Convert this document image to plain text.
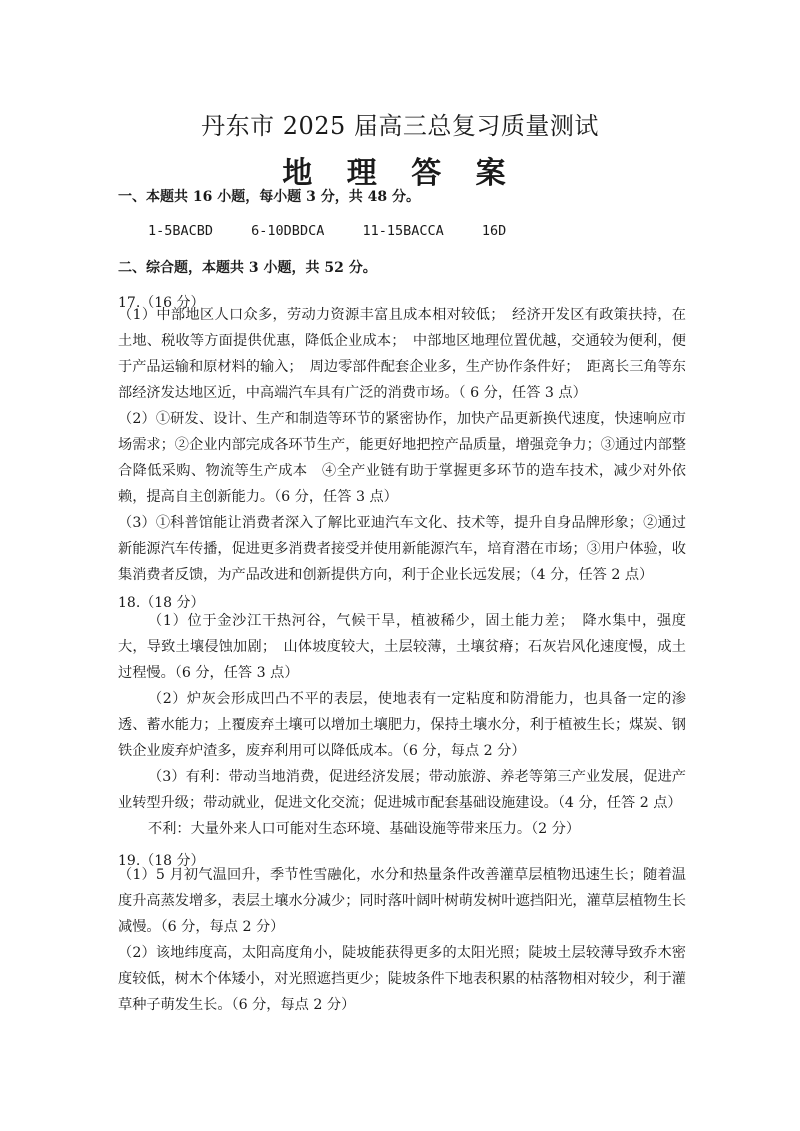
丹东市 2025 届高三总复习质量测试
地 理 答 案
一、本题共 16 小题，每小题 3 分，共 48 分。
1-5BACBD	6-10DBDCA	11-15BACCA	16D
二、综合题，本题共 3 小题，共 52 分。
17.（16 分）
（1）中部地区人口众多，劳动力资源丰富且成本相对较低；　经济开发区有政策扶持，在土地、税收等方面提供优惠，降低企业成本；　中部地区地理位置优越，交通较为便利，便于产品运输和原材料的输入；　周边零部件配套企业多，生产协作条件好；　距离长三角等东部经济发达地区近，中高端汽车具有广泛的消费市场。（ 6 分，任答 3 点）
（2）①研发、设计、生产和制造等环节的紧密协作，加快产品更新换代速度，快速响应市场需求；②企业内部完成各环节生产，能更好地把控产品质量，增强竞争力；③通过内部整合降低采购、物流等生产成本　④全产业链有助于掌握更多环节的造车技术，减少对外依赖，提高自主创新能力。（6 分，任答 3 点）
（3）①科普馆能让消费者深入了解比亚迪汽车文化、技术等，提升自身品牌形象；②通过新能源汽车传播，促进更多消费者接受并使用新能源汽车，培育潜在市场；③用户体验，收集消费者反馈，为产品改进和创新提供方向，利于企业长远发展；（4 分，任答 2 点）
18.（18 分）
（1）位于金沙江干热河谷，气候干旱，植被稀少，固土能力差；　降水集中，强度大，导致土壤侵蚀加剧；　山体坡度较大，土层较薄，土壤贫瘠；石灰岩风化速度慢，成土过程慢。（6 分，任答 3 点）
（2）炉灰会形成凹凸不平的表层，使地表有一定粘度和防滑能力，也具备一定的渗透、蓄水能力；上覆废弃土壤可以增加土壤肥力，保持土壤水分，利于植被生长；煤炭、钢铁企业废弃炉渣多，废弃利用可以降低成本。（6 分，每点 2 分）
（3）有利：带动当地消费，促进经济发展；带动旅游、养老等第三产业发展，促进产业转型升级；带动就业，促进文化交流；促进城市配套基础设施建设。（4 分，任答 2 点）
不利：大量外来人口可能对生态环境、基础设施等带来压力。（2 分）
19.（18 分）
（1）5 月初气温回升，季节性雪融化，水分和热量条件改善灌草层植物迅速生长；随着温度升高蒸发增多，表层土壤水分减少；同时落叶阔叶树萌发树叶遮挡阳光，灌草层植物生长减慢。（6 分，每点 2 分）
（2）该地纬度高，太阳高度角小，陡坡能获得更多的太阳光照；陡坡土层较薄导致乔木密度较低，树木个体矮小，对光照遮挡更少；陡坡条件下地表积累的枯落物相对较少，利于灌草种子萌发生长。（6 分，每点 2 分）
